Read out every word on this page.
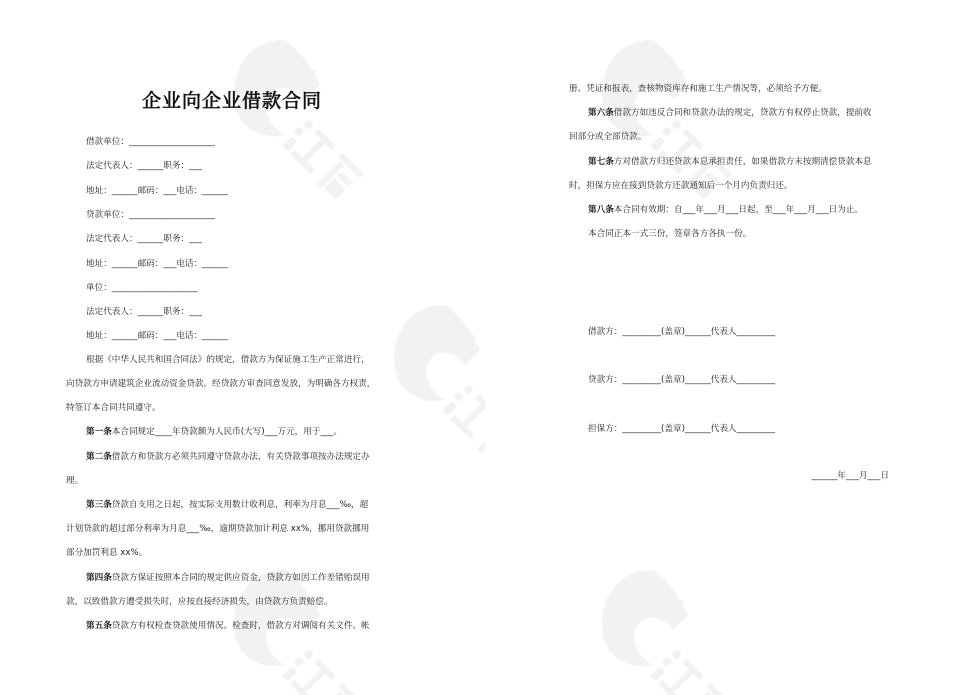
企业向企业借款合同
借款单位：____________________
法定代表人：______职务：___
地址：______邮码：___电话：______
贷款单位：____________________
法定代表人：______职务：___
地址：______邮码：___电话：______
单位：____________________
法定代表人：______职务：___
地址：______邮码：___电话：______
根据《中华人民共和国合同法》的规定，借款方为保证施工生产正常进行，
向贷款方申请建筑企业流动资金贷款，经贷款方审查同意发放，为明确各方权责，
特签订本合同共同遵守。
第一条本合同规定____年贷款额为人民币(大写)___万元，用于___。
第二条借款方和贷款方必须共同遵守贷款办法，有关贷款事项按办法规定办
理。
第三条贷款自支用之日起，按实际支用数计收利息，利率为月息___‰，超
计划贷款的超过部分利率为月息___‰，逾期贷款加计利息 xx%，挪用贷款挪用
部分加罚利息 xx%。
第四条贷款方保证按照本合同的规定供应资金，贷款方如因工作差错贻误用
款，以致借款方遭受损失时，应按直接经济损失，由贷款方负责赔偿。
第五条贷款方有权检查贷款使用情况。检查时，借款方对调阅有关文件、帐
册、凭证和报表，查核物资库存和施工生产情况等，必须给予方便。
第六条借款方如违反合同和贷款办法的规定，贷款方有权停止贷款，提前收
回部分或全部贷款。
第七条方对借款方归还贷款本息承担责任，如果借款方未按期清偿贷款本息
时，担保方应在接到贷款方还款通知后一个月内负责归还。
第八条本合同有效期：自___年___月___日起，至___年___月___日为止。
本合同正本一式三份，签章各方各执一份。
借款方：_________(盖章)______代表人_________
贷款方：_________(盖章)______代表人_________
担保方：_________(盖章)______代表人_________
______年___月___日
